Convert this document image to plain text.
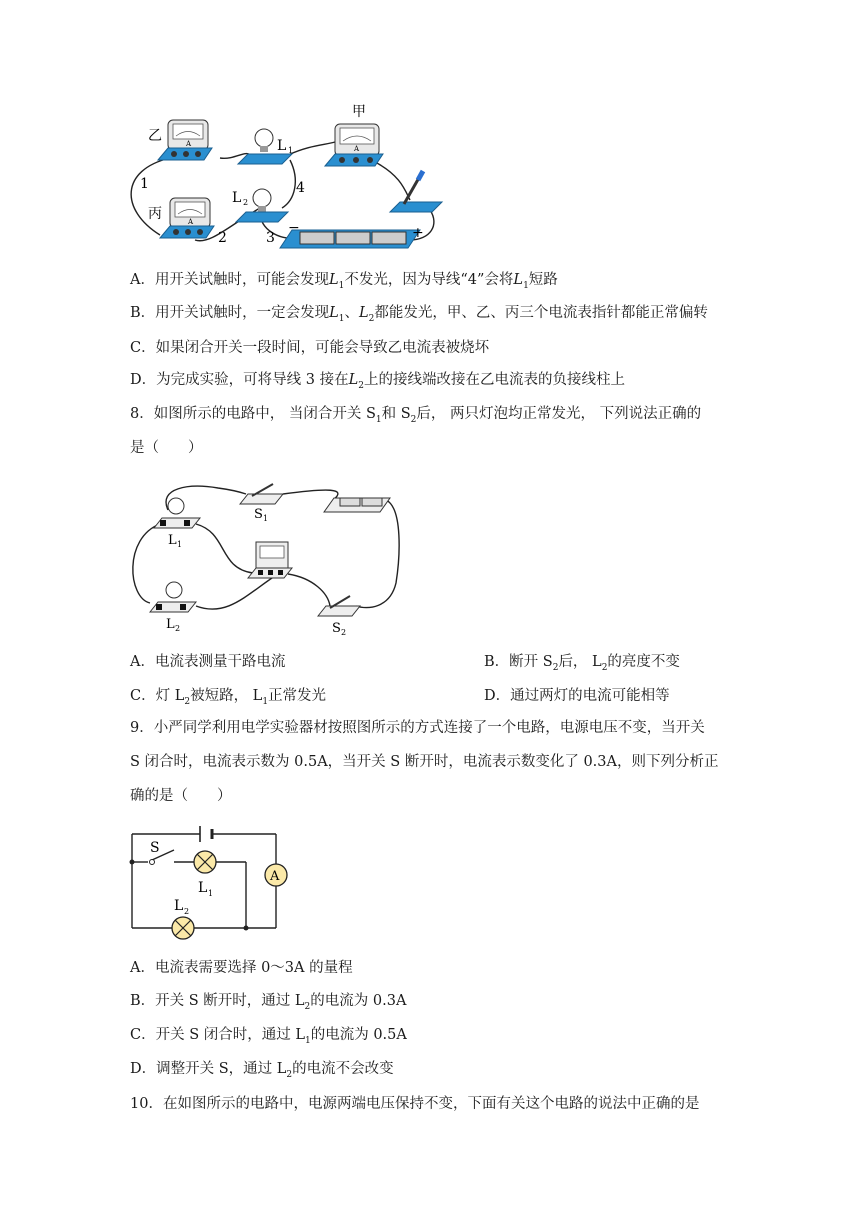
A
乙
A
丙
L 1
L 2
A
甲
−	+
1
2	3
4
A．用开关试触时，可能会发现$L_1$不发光，因为导线“4”会将$L_1$短路
B．用开关试触时，一定会发现$L_1$、$L_2$都能发光，甲、乙、丙三个电流表指针都能正常偏转
C．如果闭合开关一段时间，可能会导致乙电流表被烧坏
D．为完成实验，可将导线 3 接在$L_2$上的接线端改接在乙电流表的负接线柱上
8．如图所示的电路中， 当闭合开关 $S_1$和 $S_2$后， 两只灯泡均正常发光， 下列说法正确的
是（　　）
L 1
L 2
S 1
S 2
A．电流表测量干路电流	B．断开 $S_2$后， $L_2$的亮度不变
C．灯 $L_2$被短路， $L_1$正常发光	D．通过两灯的电流可能相等
9．小严同学利用电学实验器材按照图所示的方式连接了一个电路，电源电压不变，当开关
S 闭合时，电流表示数为 0.5A，当开关 S 断开时，电流表示数变化了 0.3A，则下列分析正
确的是（　　）
A
S
L 1
L 2
A．电流表需要选择 0～3A 的量程
B．开关 S 断开时，通过 $L_2$的电流为 0.3A
C．开关 S 闭合时，通过 $L_1$的电流为 0.5A
D．调整开关 S，通过 $L_2$的电流不会改变
10．在如图所示的电路中，电源两端电压保持不变，下面有关这个电路的说法中正确的是
